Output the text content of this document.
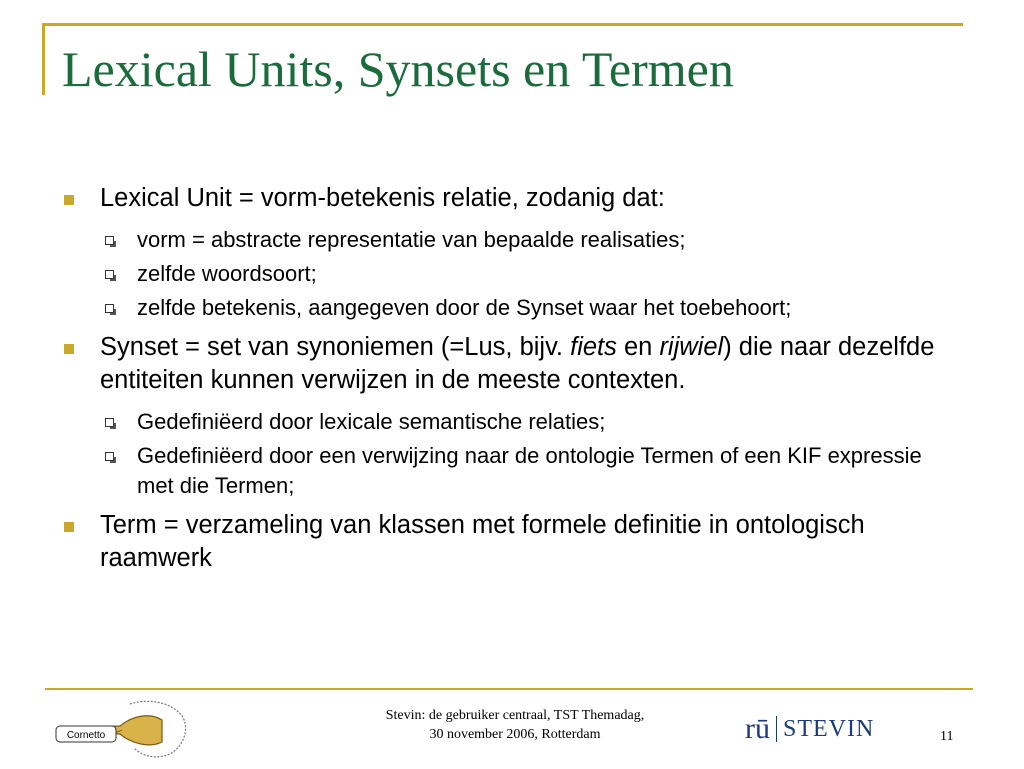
Lexical Units, Synsets en Termen
Lexical Unit = vorm-betekenis relatie, zodanig dat:
vorm = abstracte representatie van bepaalde realisaties;
zelfde woordsoort;
zelfde betekenis, aangegeven door de Synset waar het toebehoort;
Synset = set van synoniemen (=Lus, bijv. fiets en rijwiel) die naar dezelfde entiteiten kunnen verwijzen in de meeste contexten.
Gedefiniëerd door lexicale semantische relaties;
Gedefiniëerd door een verwijzing naar de ontologie Termen of een KIF expressie met die Termen;
Term = verzameling van klassen met formele definitie in ontologisch raamwerk
Cornetto
Stevin: de gebruiker centraal, TST Themadag,
30 november 2006, Rotterdam	rū STEVIN	11
